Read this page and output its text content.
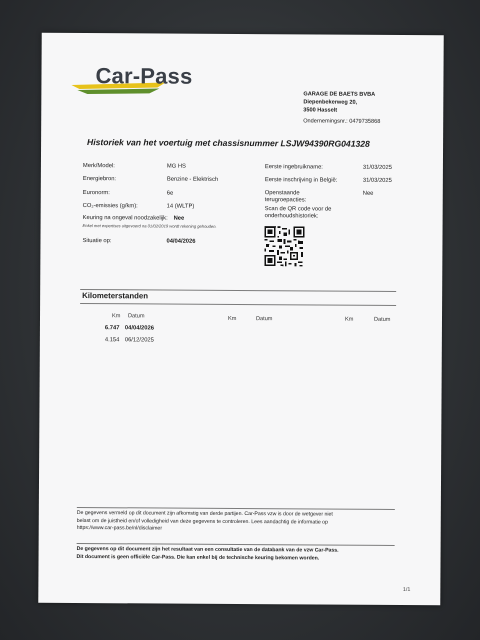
Car-Pass
GARAGE DE BAETS BVBA
Diepenbekerweg 20,
3500 Hasselt
Ondernemingsnr.: 0479735868
Historiek van het voertuig met chassisnummer LSJW94390RG041328
Merk/Model:	MG HS
Energiebron:	Benzine - Elektrisch
Euronorm:	6e
CO₂-emissies (g/km):	14 (WLTP)
Keuring na ongeval noodzakelijk: Nee
Enkel met expertises uitgevoerd na 01/02/2019 wordt rekening gehouden.
Situatie op:	04/04/2026
Eerste ingebruikname:	31/03/2025
Eerste inschrijving in België:	31/03/2025
Openstaande terugroepacties:
Nee
Scan de QR code voor de onderhoudshistoriek:
Kilometerstanden
Km Datum	Km	Datum	Km	Datum
6.747 04/04/2026
4.154 06/12/2025
De gegevens vermeld op dit document zijn afkomstig van derde partijen. Car-Pass vzw is door de wetgever niet
belast om de juistheid en/of volledigheid van deze gegevens te controleren. Lees aandachtig de informatie op
https://www.car-pass.be/nl/disclaimer
De gegevens op dit document zijn het resultaat van een consultatie van de databank van de vzw Car-Pass.
Dit document is geen officiële Car-Pass. Die kan enkel bij de technische keuring bekomen worden.
1/1
